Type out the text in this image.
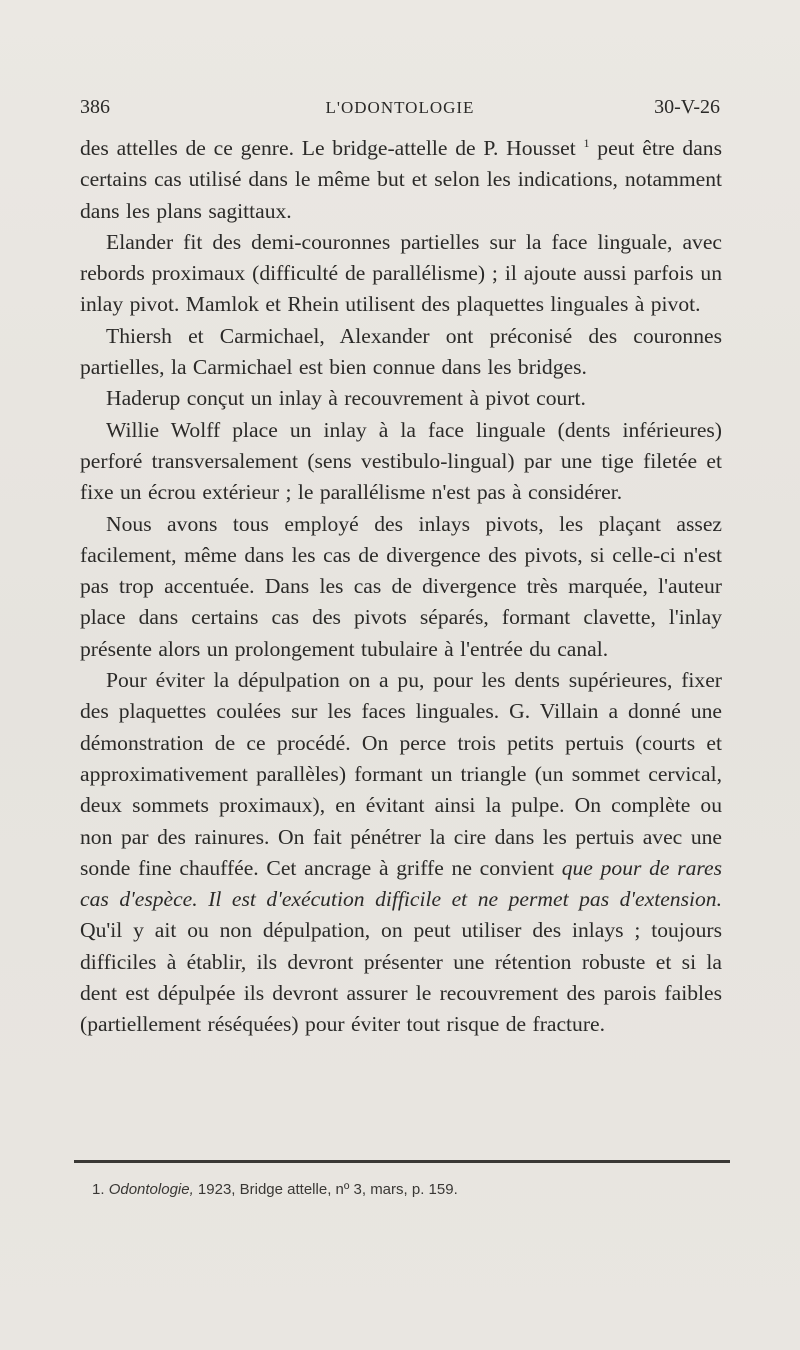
386	L'ODONTOLOGIE	30-V-26

des attelles de ce genre. Le bridge-attelle de P. Housset $^1$ peut être dans certains cas utilisé dans le même but et selon les indications, notamment dans les plans sagittaux.

Elander fit des demi-couronnes partielles sur la face linguale, avec rebords proximaux (difficulté de parallélisme) ; il ajoute aussi parfois un inlay pivot. Mamlok et Rhein utilisent des plaquettes linguales à pivot.

Thiersh et Carmichael, Alexander ont préconisé des couronnes partielles, la Carmichael est bien connue dans les bridges.

Haderup conçut un inlay à recouvrement à pivot court.

Willie Wolff place un inlay à la face linguale (dents inférieures) perforé transversalement (sens vestibulo-lingual) par une tige filetée et fixe un écrou extérieur ; le parallélisme n'est pas à considérer.

Nous avons tous employé des inlays pivots, les plaçant assez facilement, même dans les cas de divergence des pivots, si celle-ci n'est pas trop accentuée. Dans les cas de divergence très marquée, l'auteur place dans certains cas des pivots séparés, formant clavette, l'inlay présente alors un prolongement tubulaire à l'entrée du canal.

Pour éviter la dépulpation on a pu, pour les dents supérieures, fixer des plaquettes coulées sur les faces linguales. G. Villain a donné une démonstration de ce procédé. On perce trois petits pertuis (courts et approximativement parallèles) formant un triangle (un sommet cervical, deux sommets proximaux), en évitant ainsi la pulpe. On complète ou non par des rainures. On fait pénétrer la cire dans les pertuis avec une sonde fine chauffée. Cet ancrage à griffe ne convient que pour de rares cas d'espèce. Il est d'exécution difficile et ne permet pas d'extension. Qu'il y ait ou non dépulpation, on peut utiliser des inlays ; toujours difficiles à établir, ils devront présenter une rétention robuste et si la dent est dépulpée ils devront assurer le recouvrement des parois faibles (partiellement réséquées) pour éviter tout risque de fracture.

1. Odontologie, 1923, Bridge attelle, nº 3, mars, p. 159.
